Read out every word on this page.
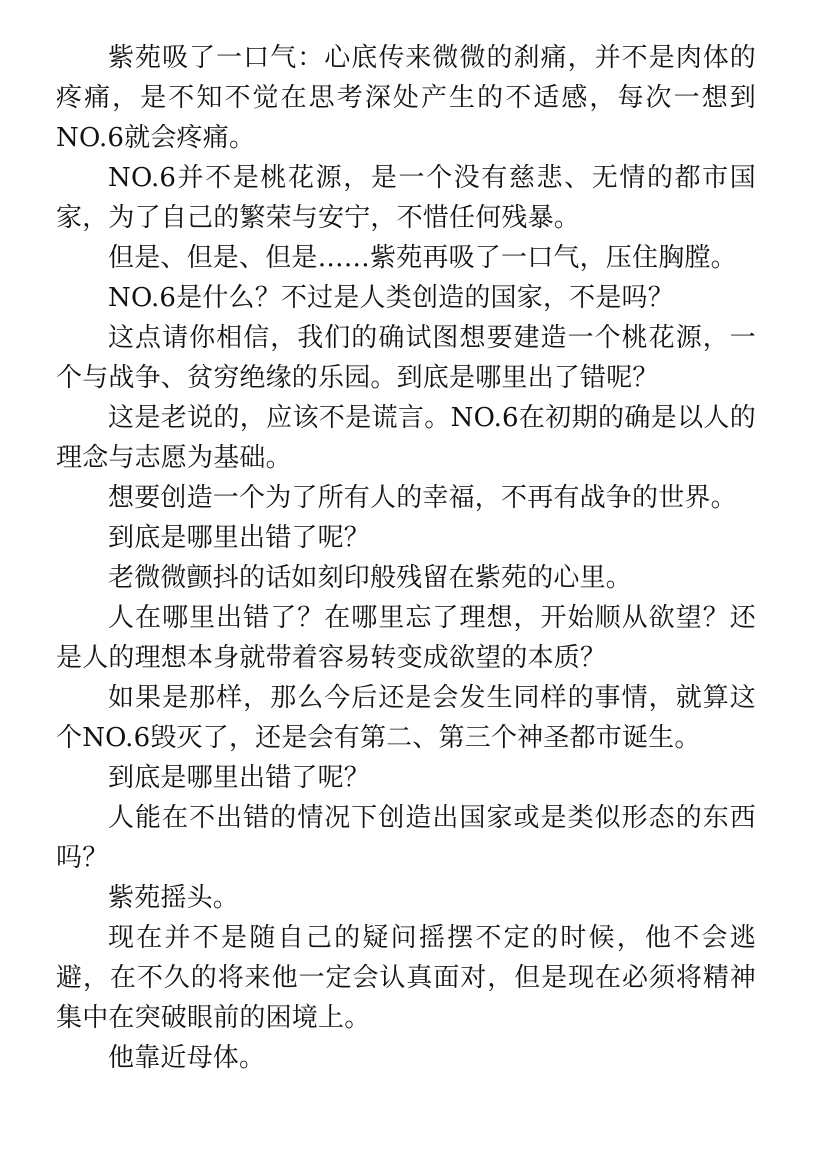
紫苑吸了一口气：心底传来微微的刹痛，并不是肉体的疼痛，是不知不觉在思考深处产生的不适感，每次一想到NO.6就会疼痛。

NO.6并不是桃花源，是一个没有慈悲、无情的都市国家，为了自己的繁荣与安宁，不惜任何残暴。

但是、但是、但是……紫苑再吸了一口气，压住胸膛。

NO.6是什么？不过是人类创造的国家，不是吗？

这点请你相信，我们的确试图想要建造一个桃花源，一个与战争、贫穷绝缘的乐园。到底是哪里出了错呢？

这是老说的，应该不是谎言。NO.6在初期的确是以人的理念与志愿为基础。

想要创造一个为了所有人的幸福，不再有战争的世界。

到底是哪里出错了呢？

老微微颤抖的话如刻印般残留在紫苑的心里。

人在哪里出错了？在哪里忘了理想，开始顺从欲望？还是人的理想本身就带着容易转变成欲望的本质？

如果是那样，那么今后还是会发生同样的事情，就算这个NO.6毁灭了，还是会有第二、第三个神圣都市诞生。

到底是哪里出错了呢？

人能在不出错的情况下创造出国家或是类似形态的东西吗？

紫苑摇头。

现在并不是随自己的疑问摇摆不定的时候，他不会逃避，在不久的将来他一定会认真面对，但是现在必须将精神集中在突破眼前的困境上。

他靠近母体。
